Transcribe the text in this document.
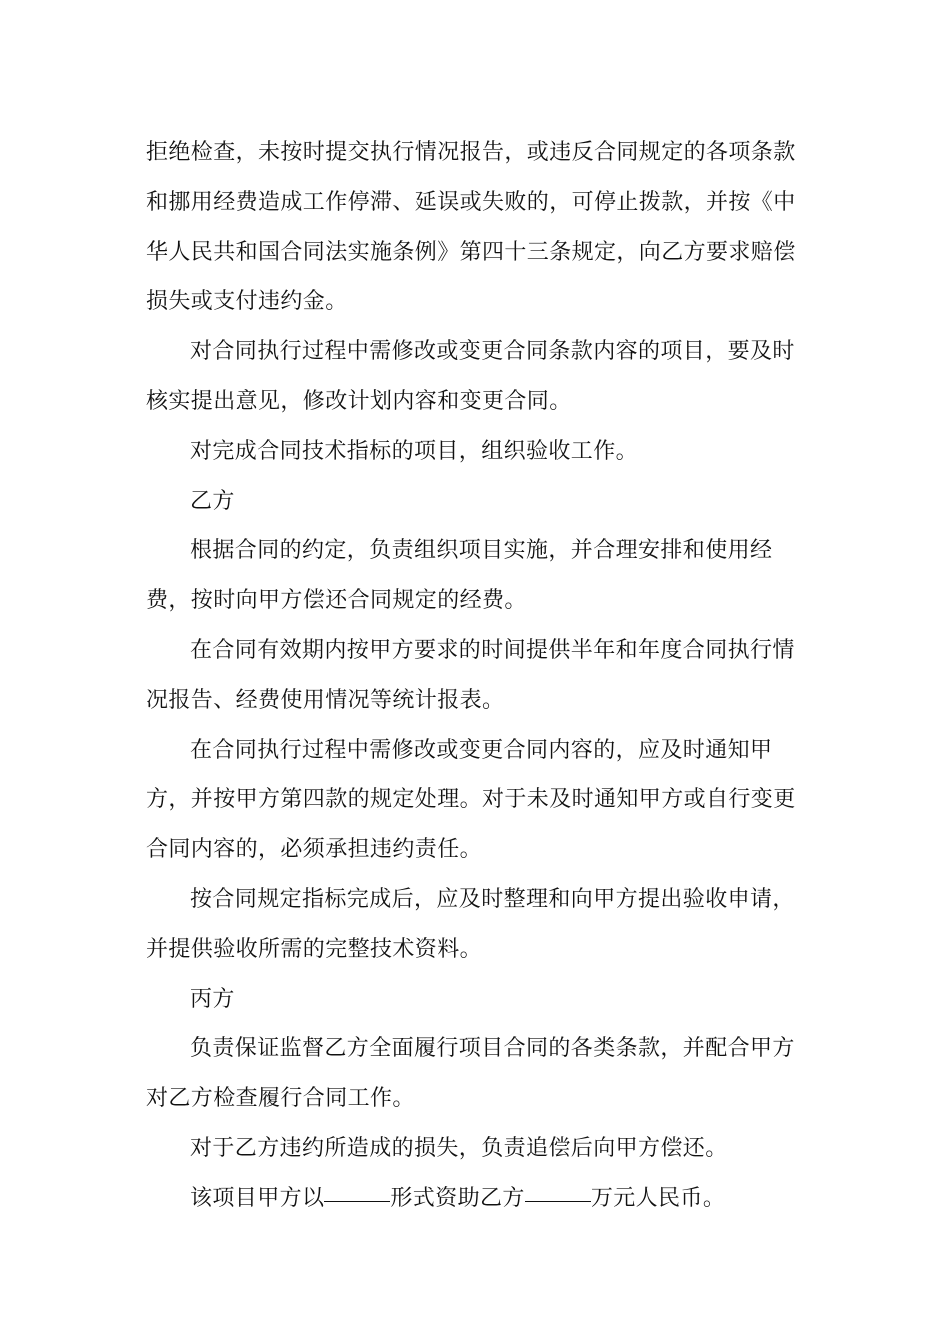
拒绝检查，未按时提交执行情况报告，或违反合同规定的各项条款和挪用经费造成工作停滞、延误或失败的，可停止拨款，并按《中华人民共和国合同法实施条例》第四十三条规定，向乙方要求赔偿损失或支付违约金。

对合同执行过程中需修改或变更合同条款内容的项目，要及时核实提出意见，修改计划内容和变更合同。

对完成合同技术指标的项目，组织验收工作。

乙方

根据合同的约定，负责组织项目实施，并合理安排和使用经费，按时向甲方偿还合同规定的经费。

在合同有效期内按甲方要求的时间提供半年和年度合同执行情况报告、经费使用情况等统计报表。

在合同执行过程中需修改或变更合同内容的，应及时通知甲方，并按甲方第四款的规定处理。对于未及时通知甲方或自行变更合同内容的，必须承担违约责任。

按合同规定指标完成后，应及时整理和向甲方提出验收申请，并提供验收所需的完整技术资料。

丙方

负责保证监督乙方全面履行项目合同的各类条款，并配合甲方对乙方检查履行合同工作。

对于乙方违约所造成的损失，负责追偿后向甲方偿还。

该项目甲方以	形式资助乙方	万元人民币。
